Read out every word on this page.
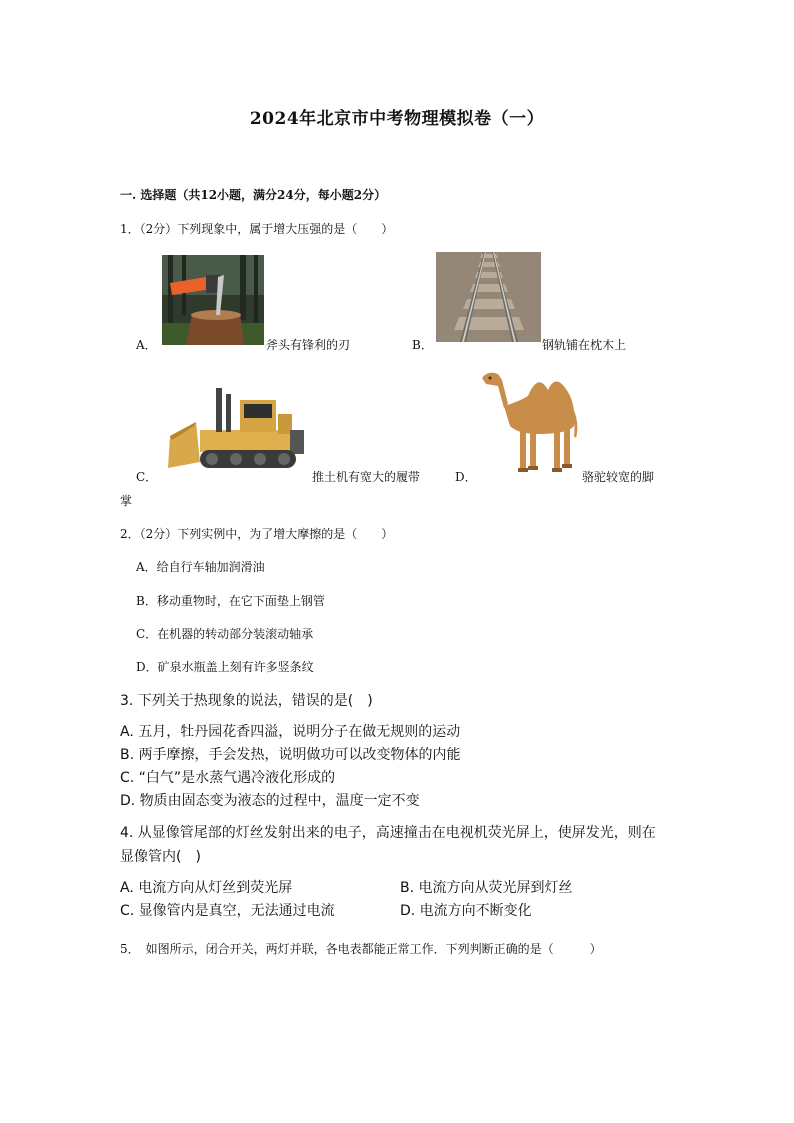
2024年北京市中考物理模拟卷（一）
一. 选择题（共12小题，满分24分，每小题2分）
1．（2分）下列现象中，属于增大压强的是（　　）
A．	斧头有锋利的刃	B．	钢轨铺在枕木上
C．	推土机有宽大的履带	D．	骆驼较宽的脚
掌
2．（2分）下列实例中，为了增大摩擦的是（　　）
A．给自行车轴加润滑油
B．移动重物时，在它下面垫上钢管
C．在机器的转动部分装滚动轴承
D．矿泉水瓶盖上刻有许多竖条纹
3. 下列关于热现象的说法，错误的是(　)
A. 五月，牡丹园花香四溢，说明分子在做无规则的运动
B. 两手摩擦，手会发热，说明做功可以改变物体的内能
C. “白气”是水蒸气遇冷液化形成的
D. 物质由固态变为液态的过程中，温度一定不变
4. 从显像管尾部的灯丝发射出来的电子，高速撞击在电视机荧光屏上，使屏发光，则在
显像管内(　)
A. 电流方向从灯丝到荧光屏	B. 电流方向从荧光屏到灯丝
C. 显像管内是真空，无法通过电流	D. 电流方向不断变化
5．　如图所示，闭合开关，两灯并联，各电表都能正常工作．下列判断正确的是（　　　）
